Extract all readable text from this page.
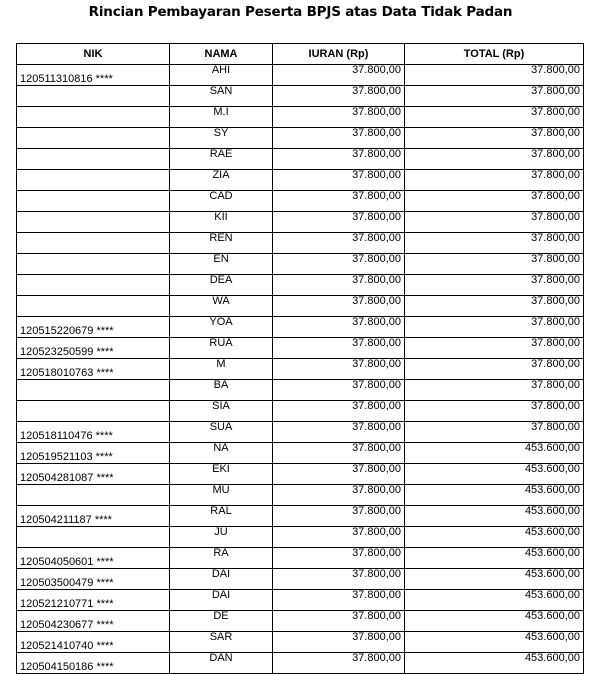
Rincian Pembayaran Peserta BPJS atas Data Tidak Padan
NIK	NAMA	IURAN (Rp)	TOTAL (Rp)
120511310816 ****	AHI	37.800,00	37.800,00
	SAN	37.800,00	37.800,00
	M.I	37.800,00	37.800,00
	SY	37.800,00	37.800,00
	RAE	37.800,00	37.800,00
	ZIA	37.800,00	37.800,00
	CAD	37.800,00	37.800,00
	KII	37.800,00	37.800,00
	REN	37.800,00	37.800,00
	EN	37.800,00	37.800,00
	DEA	37.800,00	37.800,00
	WA	37.800,00	37.800,00
120515220679 ****	YOA	37.800,00	37.800,00
120523250599 ****	RUA	37.800,00	37.800,00
120518010763 ****	M	37.800,00	37.800,00
	BA	37.800,00	37.800,00
	SIA	37.800,00	37.800,00
120518110476 ****	SUA	37.800,00	37.800,00
120519521103 ****	NA	37.800,00	453.600,00
120504281087 ****	EKI	37.800,00	453.600,00
	MU	37.800,00	453.600,00
120504211187 ****	RAL	37.800,00	453.600,00
	JU	37.800,00	453.600,00
120504050601 ****	RA	37.800,00	453.600,00
120503500479 ****	DAI	37.800,00	453.600,00
120521210771 ****	DAI	37.800,00	453.600,00
120504230677 ****	DE	37.800,00	453.600,00
120521410740 ****	SAR	37.800,00	453.600,00
120504150186 ****	DAN	37.800,00	453.600,00
